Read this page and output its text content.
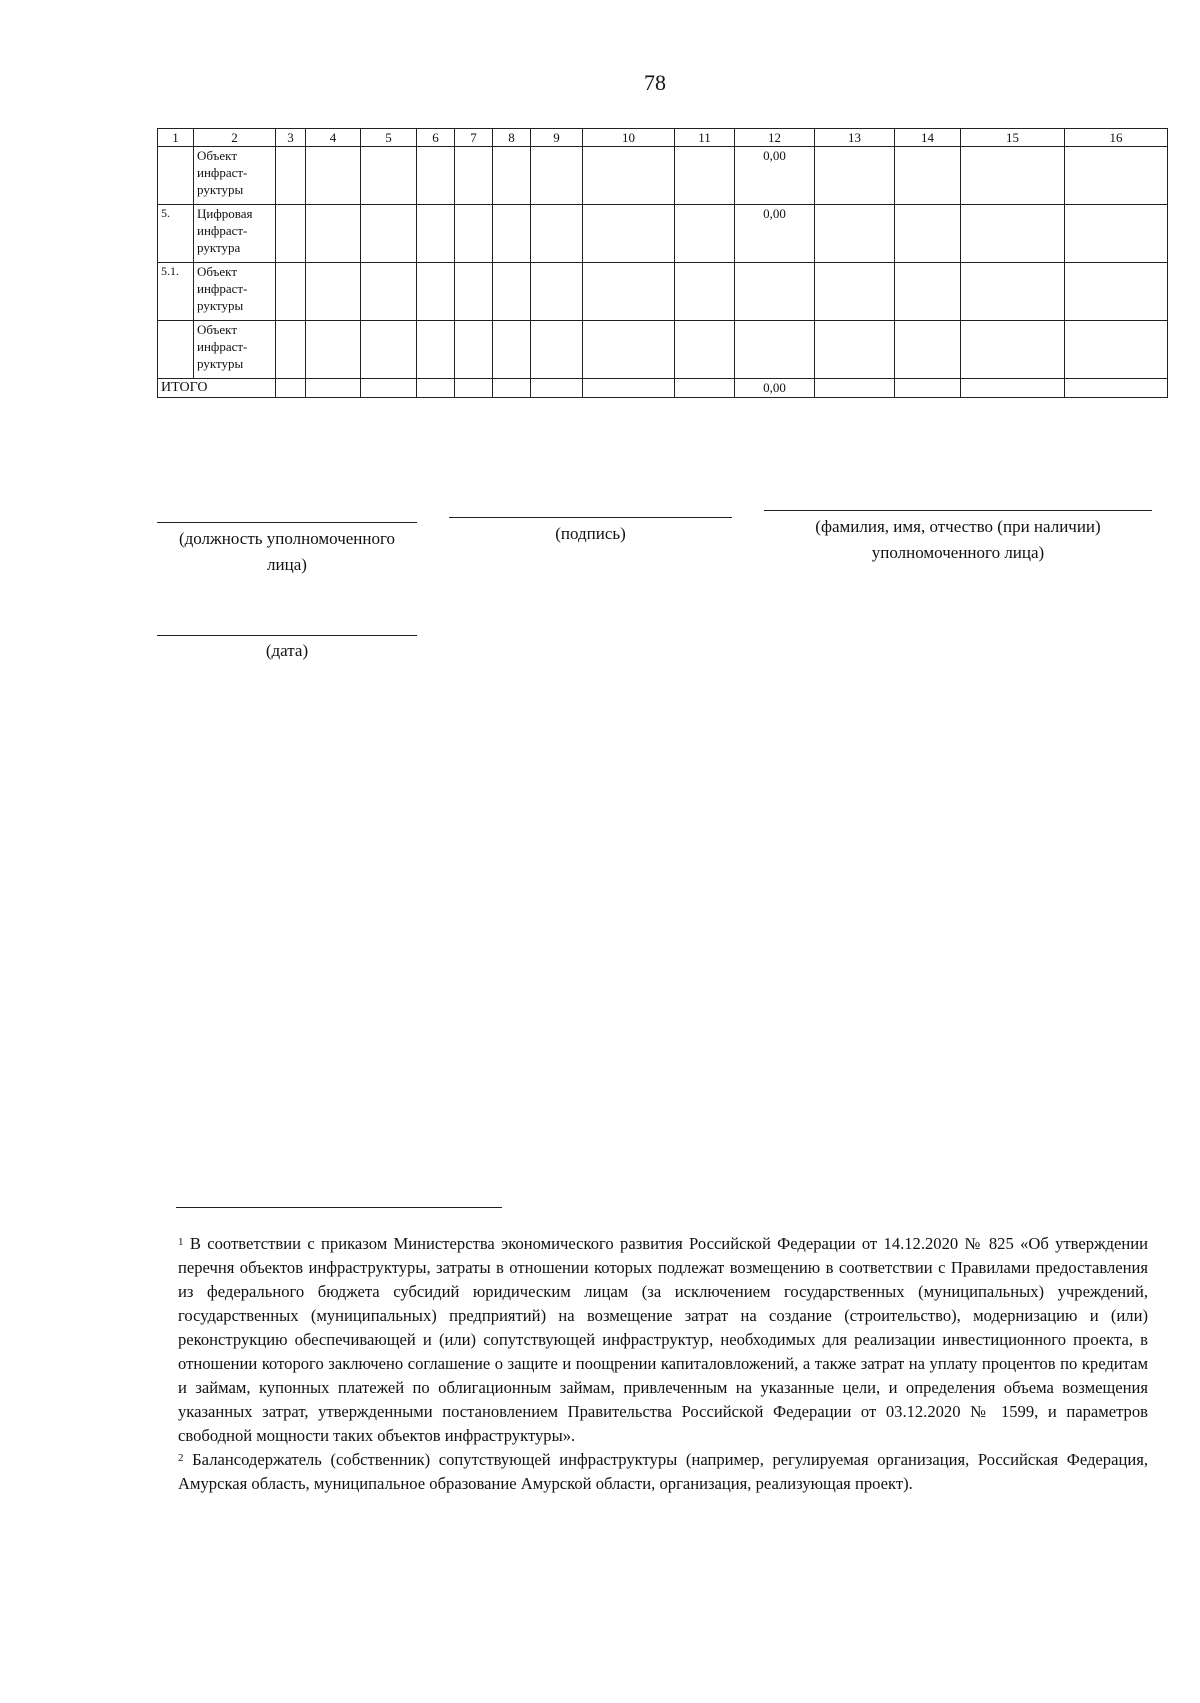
78
1	2	3	4	5	6	7	8	9	10	11	12	13	14	15	16
	Объект инфраст- руктуры										0,00				
5.	Цифровая инфраст- руктура										0,00				
5.1.	Объект инфраст- руктуры														
	Объект инфраст- руктуры														
ИТОГО											0,00				
(должность уполномоченного лица)
(подпись)	(фамилия, имя, отчество (при наличии) уполномоченного лица)
(дата)

$^1$ В соответствии с приказом Министерства экономического развития Российской Федерации от 14.12.2020 № 825 «Об утверждении перечня объектов инфраструктуры, затраты в отношении которых подлежат возмещению в соответствии с Правилами предоставления из федерального бюджета субсидий юридическим лицам (за исключением государственных (муниципальных) учреждений, государственных (муниципальных) предприятий) на возмещение затрат на создание (строительство), модернизацию и (или) реконструкцию обеспечивающей и (или) сопутствующей инфраструктур, необходимых для реализации инвестиционного проекта, в отношении которого заключено соглашение о защите и поощрении капиталовложений, а также затрат на уплату процентов по кредитам и займам, купонных платежей по облигационным займам, привлеченным на указанные цели, и определения объема возмещения указанных затрат, утвержденными постановлением Правительства Российской Федерации от 03.12.2020 № 1599, и параметров свободной мощности таких объектов инфраструктуры».

$^2$ Балансодержатель (собственник) сопутствующей инфраструктуры (например, регулируемая организация, Российская Федерация, Амурская область, муниципальное образование Амурской области, организация, реализующая проект).
